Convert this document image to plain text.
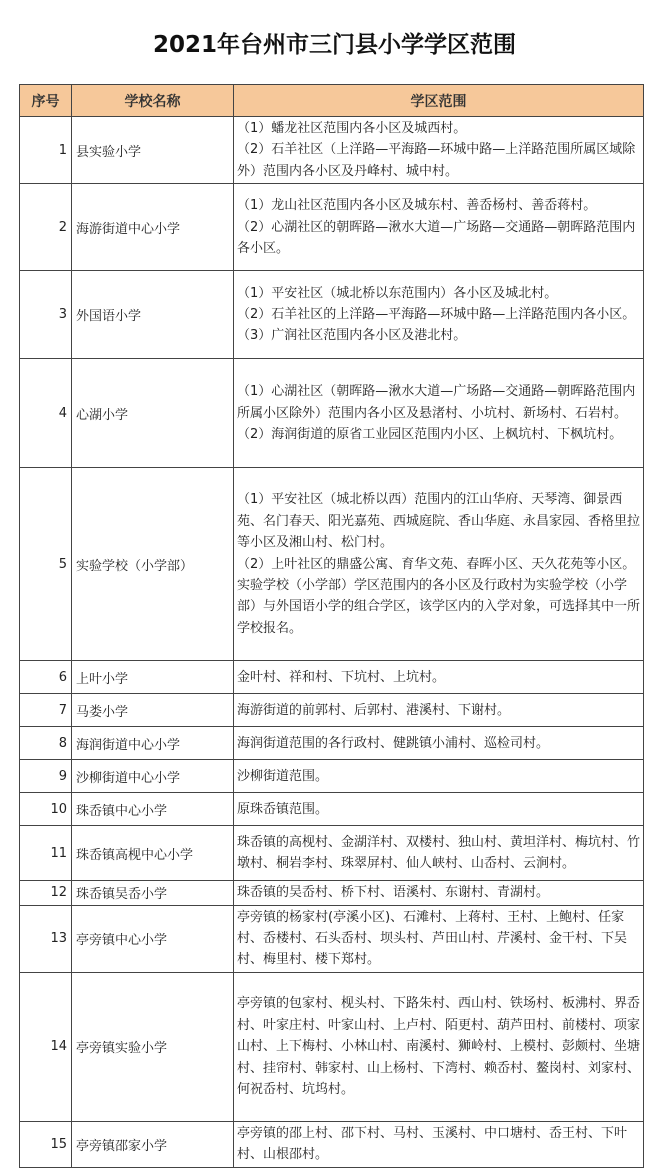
2021年台州市三门县小学学区范围
序号	学校名称	学区范围
1	县实验小学	（1）蟠龙社区范围内各小区及城西村。
（2）石羊社区（上洋路—平海路—环城中路—上洋路范围所属区域除外）范围内各小区及丹峰村、城中村。

2	海游街道中心小学	（1）龙山社区范围内各小区及城东村、善岙杨村、善岙蒋村。
（2）心湖社区的朝晖路—湫水大道—广场路—交通路—朝晖路范围内各小区。

3	外国语小学	（1）平安社区（城北桥以东范围内）各小区及城北村。
（2）石羊社区的上洋路—平海路—环城中路—上洋路范围内各小区。
（3）广润社区范围内各小区及港北村。

4	心湖小学	（1）心湖社区（朝晖路—湫水大道—广场路—交通路—朝晖路范围内所属小区除外）范围内各小区及悬渚村、小坑村、新场村、石岩村。
（2）海润街道的原省工业园区范围内小区、上枫坑村、下枫坑村。

5	实验学校（小学部）	（1）平安社区（城北桥以西）范围内的江山华府、天琴湾、御景西苑、名门春天、阳光嘉苑、西城庭院、香山华庭、永昌家园、香格里拉等小区及湘山村、松门村。
（2）上叶社区的鼎盛公寓、育华文苑、春晖小区、天久花苑等小区。
实验学校（小学部）学区范围内的各小区及行政村为实验学校（小学部）与外国语小学的组合学区，该学区内的入学对象，可选择其中一所学校报名。

6	上叶小学	金叶村、祥和村、下坑村、上坑村。

7	马娄小学	海游街道的前郭村、后郭村、港溪村、下谢村。

8	海润街道中心小学	海润街道范围的各行政村、健跳镇小浦村、巡检司村。

9	沙柳街道中心小学	沙柳街道范围。

10	珠岙镇中心小学	原珠岙镇范围。

11	珠岙镇高枧中心小学	珠岙镇的高枧村、金湖洋村、双楼村、独山村、黄坦洋村、梅坑村、竹墩村、桐岩李村、珠翠屏村、仙人峡村、山岙村、云涧村。

12	珠岙镇吴岙小学	珠岙镇的吴岙村、桥下村、语溪村、东谢村、青湖村。

13	亭旁镇中心小学	亭旁镇的杨家村(亭溪小区)、石滩村、上蒋村、王村、上鲍村、任家村、岙楼村、石头岙村、坝头村、芦田山村、芹溪村、金干村、下吴村、梅里村、楼下郑村。

14	亭旁镇实验小学	亭旁镇的包家村、枧头村、下路朱村、西山村、铁场村、板沸村、界岙村、叶家庄村、叶家山村、上卢村、陌更村、葫芦田村、前楼村、项家山村、上下梅村、小林山村、南溪村、狮岭村、上模村、彭颇村、坐塘村、挂帘村、韩家村、山上杨村、下湾村、赖岙村、鳌岗村、刘家村、何祝岙村、坑坞村。

15	亭旁镇邵家小学	亭旁镇的邵上村、邵下村、马村、玉溪村、中口塘村、岙王村、下叶村、山根邵村。
